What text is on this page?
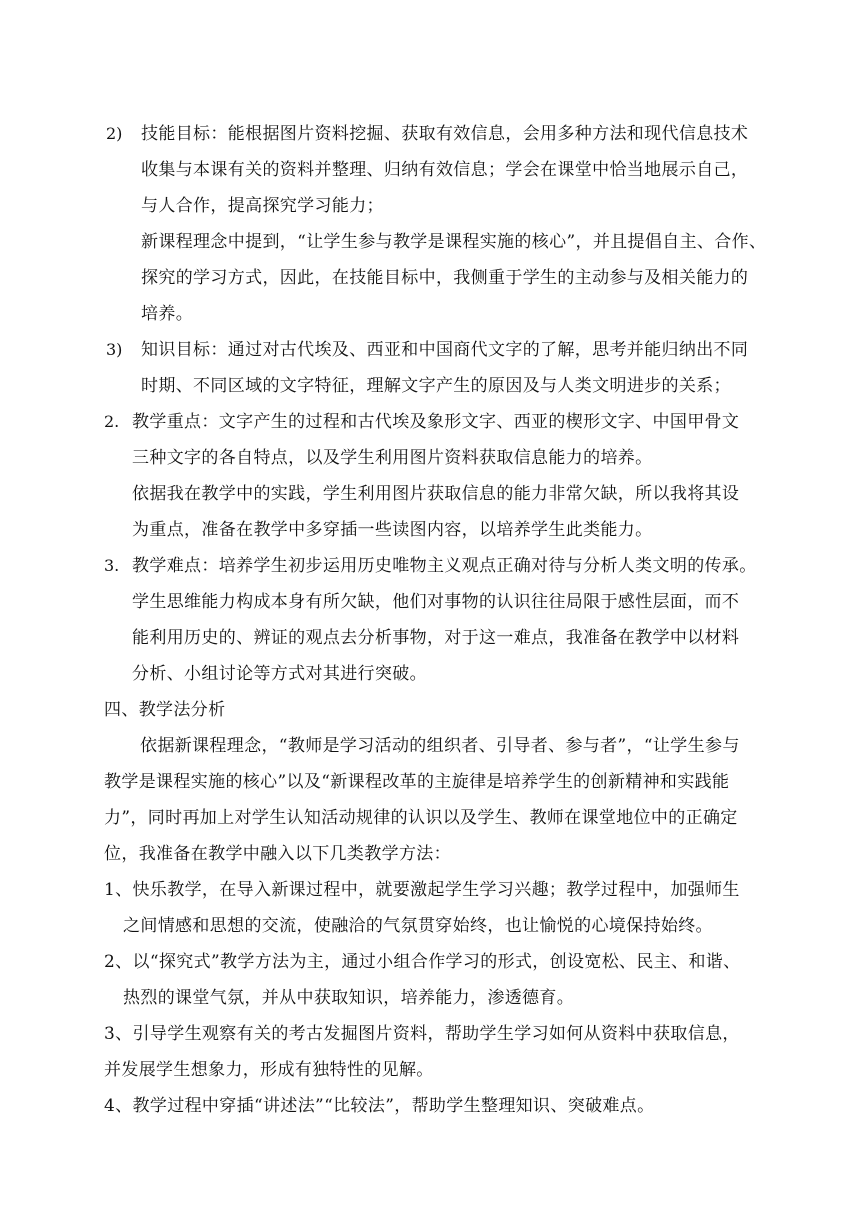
2) 技能目标：能根据图片资料挖掘、获取有效信息，会用多种方法和现代信息技术
收集与本课有关的资料并整理、归纳有效信息；学会在课堂中恰当地展示自己，
与人合作，提高探究学习能力；
新课程理念中提到，“让学生参与教学是课程实施的核心”，并且提倡自主、合作、
探究的学习方式，因此，在技能目标中，我侧重于学生的主动参与及相关能力的
培养。
3) 知识目标：通过对古代埃及、西亚和中国商代文字的了解，思考并能归纳出不同
时期、不同区域的文字特征，理解文字产生的原因及与人类文明进步的关系；
2. 教学重点：文字产生的过程和古代埃及象形文字、西亚的楔形文字、中国甲骨文
三种文字的各自特点，以及学生利用图片资料获取信息能力的培养。
依据我在教学中的实践，学生利用图片获取信息的能力非常欠缺，所以我将其设
为重点，准备在教学中多穿插一些读图内容，以培养学生此类能力。
3. 教学难点：培养学生初步运用历史唯物主义观点正确对待与分析人类文明的传承。
学生思维能力构成本身有所欠缺，他们对事物的认识往往局限于感性层面，而不
能利用历史的、辨证的观点去分析事物，对于这一难点，我准备在教学中以材料
分析、小组讨论等方式对其进行突破。
四、教学法分析
依据新课程理念，“教师是学习活动的组织者、引导者、参与者”，“让学生参与
教学是课程实施的核心”以及“新课程改革的主旋律是培养学生的创新精神和实践能
力”，同时再加上对学生认知活动规律的认识以及学生、教师在课堂地位中的正确定
位，我准备在教学中融入以下几类教学方法：
1、快乐教学，在导入新课过程中，就要激起学生学习兴趣；教学过程中，加强师生
之间情感和思想的交流，使融洽的气氛贯穿始终，也让愉悦的心境保持始终。
2、以“探究式”教学方法为主，通过小组合作学习的形式，创设宽松、民主、和谐、
热烈的课堂气氛，并从中获取知识，培养能力，渗透德育。
3、引导学生观察有关的考古发掘图片资料，帮助学生学习如何从资料中获取信息，
并发展学生想象力，形成有独特性的见解。
4、教学过程中穿插“讲述法”“比较法”，帮助学生整理知识、突破难点。
